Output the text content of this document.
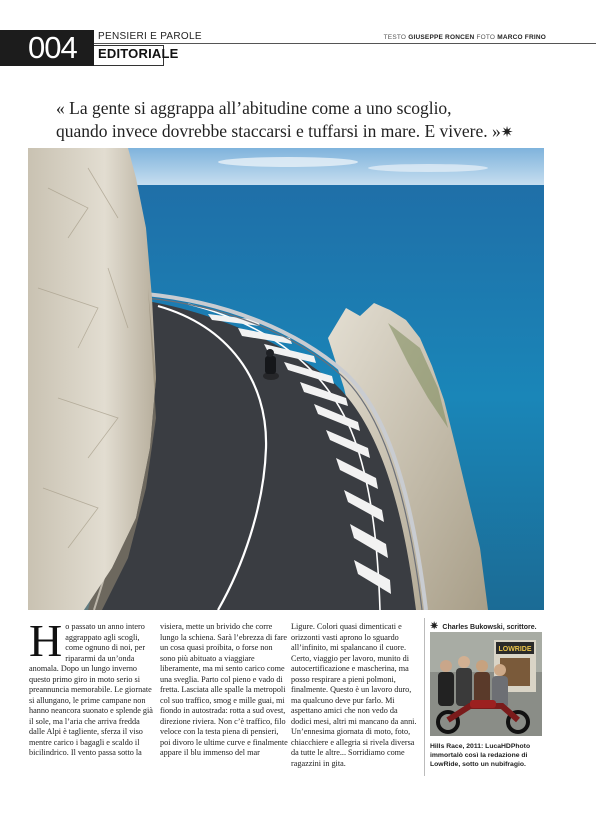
004	PENSIERI E PAROLE
EDITORIALE
TESTO GIUSEPPE RONCEN FOTO MARCO FRINO
« La gente si aggrappa all’abitudine come a uno scoglio,
quando invece dovrebbe staccarsi e tuffarsi in mare. E vivere. »✷
H o passato un anno intero aggrappato agli scogli, come ognuno di noi, per ripararmi da un’onda anomala. Dopo un lungo inverno questo primo giro in moto serio si preannuncia memorabile. Le giornate si allungano, le prime campane non hanno neancora suonato e splende già il sole, ma l’aria che arriva fredda dalle Alpi è tagliente, sferza il viso mentre carico i bagagli e scaldo il bicilindrico. Il vento passa sotto la
visiera, mette un brivido che corre lungo la schiena. Sarà l’ebrezza di fare un cosa quasi proibita, o forse non sono più abituato a viaggiare liberamente, ma mi sento carico come una sveglia. Parto col pieno e vado di fretta. Lasciata alle spalle la metropoli col suo traffico, smog e mille guai, mi fiondo in autostrada: rotta a sud ovest, direzione riviera. Non c’è traffico, filo veloce con la testa piena di pensieri, poi divoro le ultime curve e finalmente appare il blu immenso del mar
Ligure. Colori quasi dimenticati e orizzonti vasti aprono lo sguardo all’infinito, mi spalancano il cuore. Certo, viaggio per lavoro, munito di autocertificazione e mascherina, ma posso respirare a pieni polmoni, finalmente. Questo è un lavoro duro, ma qualcuno deve pur farlo. Mi aspettano amici che non vedo da dodici mesi, altri mi mancano da anni. Un’ennesima giornata di moto, foto, chiacchiere e allegria si rivela diversa da tutte le altre... Sorridiamo come ragazzini in gita.
✷ Charles Bukowski, scrittore.
LOWRIDE
Hills Race, 2011: LucaHDPhoto immortalò così la redazione di LowRide, sotto un nubifragio.
